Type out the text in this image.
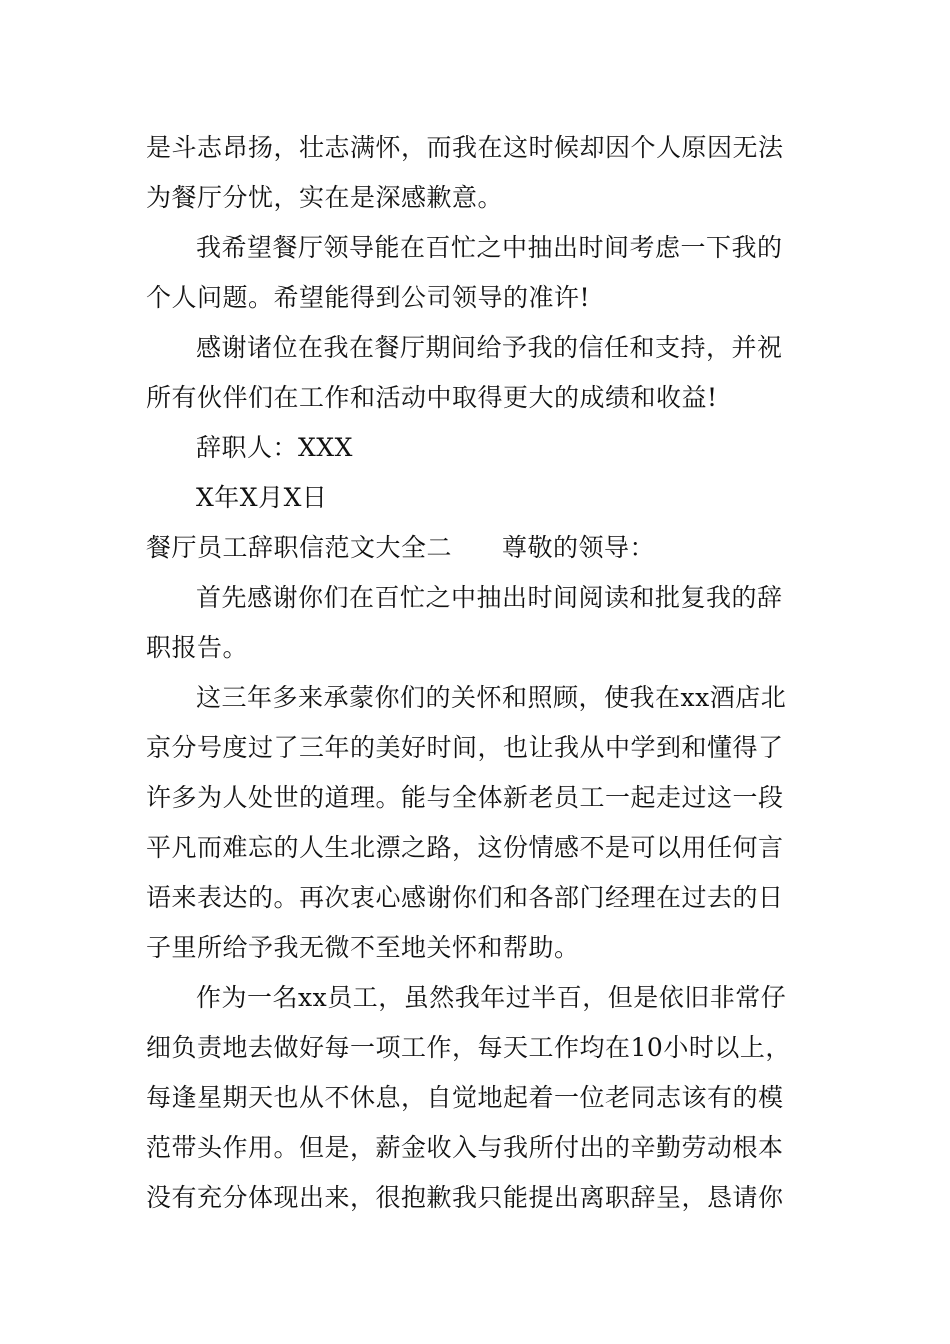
是斗志昂扬，壮志满怀，而我在这时候却因个人原因无法
为餐厅分忧，实在是深感歉意。
我希望餐厅领导能在百忙之中抽出时间考虑一下我的
个人问题。希望能得到公司领导的准许!
感谢诸位在我在餐厅期间给予我的信任和支持，并祝
所有伙伴们在工作和活动中取得更大的成绩和收益!
辞职人：XXX
X年X月X日
餐厅员工辞职信范文大全二 尊敬的领导：
首先感谢你们在百忙之中抽出时间阅读和批复我的辞
职报告。
这三年多来承蒙你们的关怀和照顾，使我在xx酒店北
京分号度过了三年的美好时间，也让我从中学到和懂得了
许多为人处世的道理。能与全体新老员工一起走过这一段
平凡而难忘的人生北漂之路，这份情感不是可以用任何言
语来表达的。再次衷心感谢你们和各部门经理在过去的日
子里所给予我无微不至地关怀和帮助。
作为一名xx员工，虽然我年过半百，但是依旧非常仔
细负责地去做好每一项工作，每天工作均在10小时以上，
每逢星期天也从不休息，自觉地起着一位老同志该有的模
范带头作用。但是，薪金收入与我所付出的辛勤劳动根本
没有充分体现出来，很抱歉我只能提出离职辞呈，恳请你
